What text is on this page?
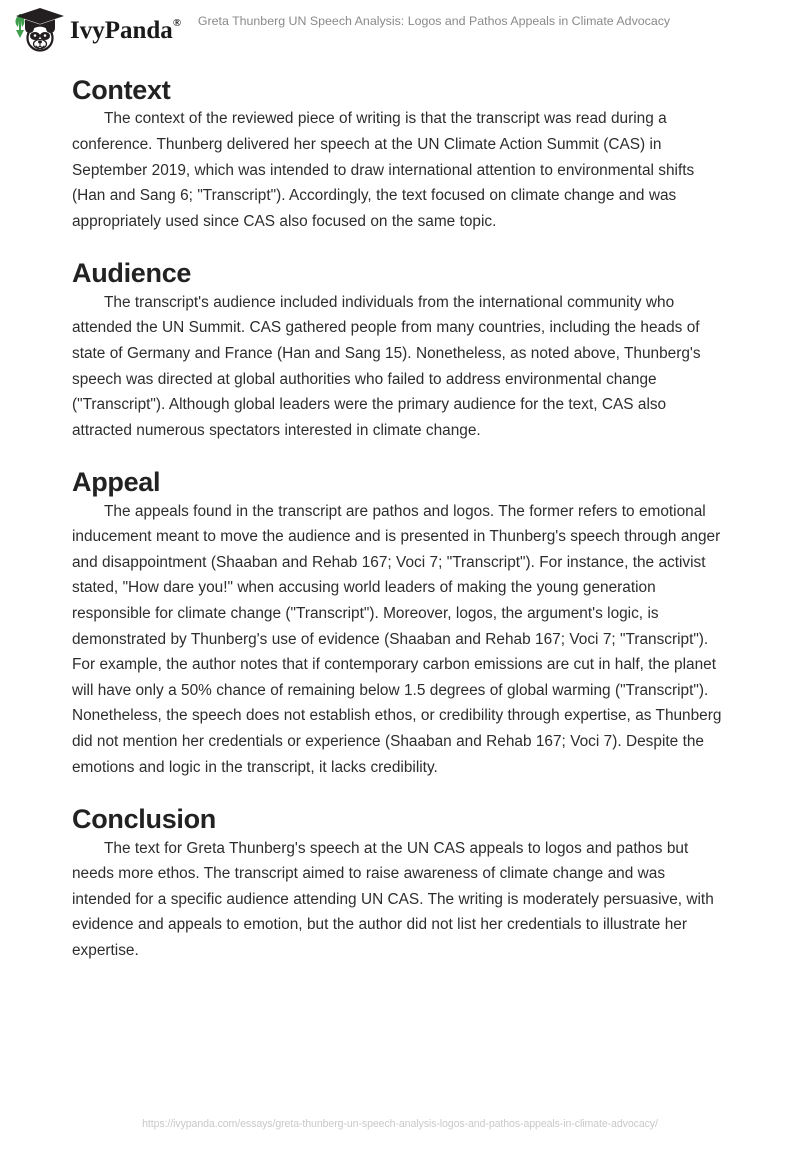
IvyPanda®	Greta Thunberg UN Speech Analysis: Logos and Pathos Appeals in Climate Advocacy
Context

The context of the reviewed piece of writing is that the transcript was read during a conference. Thunberg delivered her speech at the UN Climate Action Summit (CAS) in September 2019, which was intended to draw international attention to environmental shifts (Han and Sang 6; "Transcript"). Accordingly, the text focused on climate change and was appropriately used since CAS also focused on the same topic.

Audience

The transcript's audience included individuals from the international community who attended the UN Summit. CAS gathered people from many countries, including the heads of state of Germany and France (Han and Sang 15). Nonetheless, as noted above, Thunberg's speech was directed at global authorities who failed to address environmental change ("Transcript"). Although global leaders were the primary audience for the text, CAS also attracted numerous spectators interested in climate change.

Appeal

The appeals found in the transcript are pathos and logos. The former refers to emotional inducement meant to move the audience and is presented in Thunberg's speech through anger and disappointment (Shaaban and Rehab 167; Voci 7; "Transcript"). For instance, the activist stated, "How dare you!" when accusing world leaders of making the young generation responsible for climate change ("Transcript"). Moreover, logos, the argument's logic, is demonstrated by Thunberg's use of evidence (Shaaban and Rehab 167; Voci 7; "Transcript"). For example, the author notes that if contemporary carbon emissions are cut in half, the planet will have only a 50% chance of remaining below 1.5 degrees of global warming ("Transcript"). Nonetheless, the speech does not establish ethos, or credibility through expertise, as Thunberg did not mention her credentials or experience (Shaaban and Rehab 167; Voci 7). Despite the emotions and logic in the transcript, it lacks credibility.

Conclusion

The text for Greta Thunberg's speech at the UN CAS appeals to logos and pathos but needs more ethos. The transcript aimed to raise awareness of climate change and was intended for a specific audience attending UN CAS. The writing is moderately persuasive, with evidence and appeals to emotion, but the author did not list her credentials to illustrate her expertise.

https://ivypanda.com/essays/greta-thunberg-un-speech-analysis-logos-and-pathos-appeals-in-climate-advocacy/
